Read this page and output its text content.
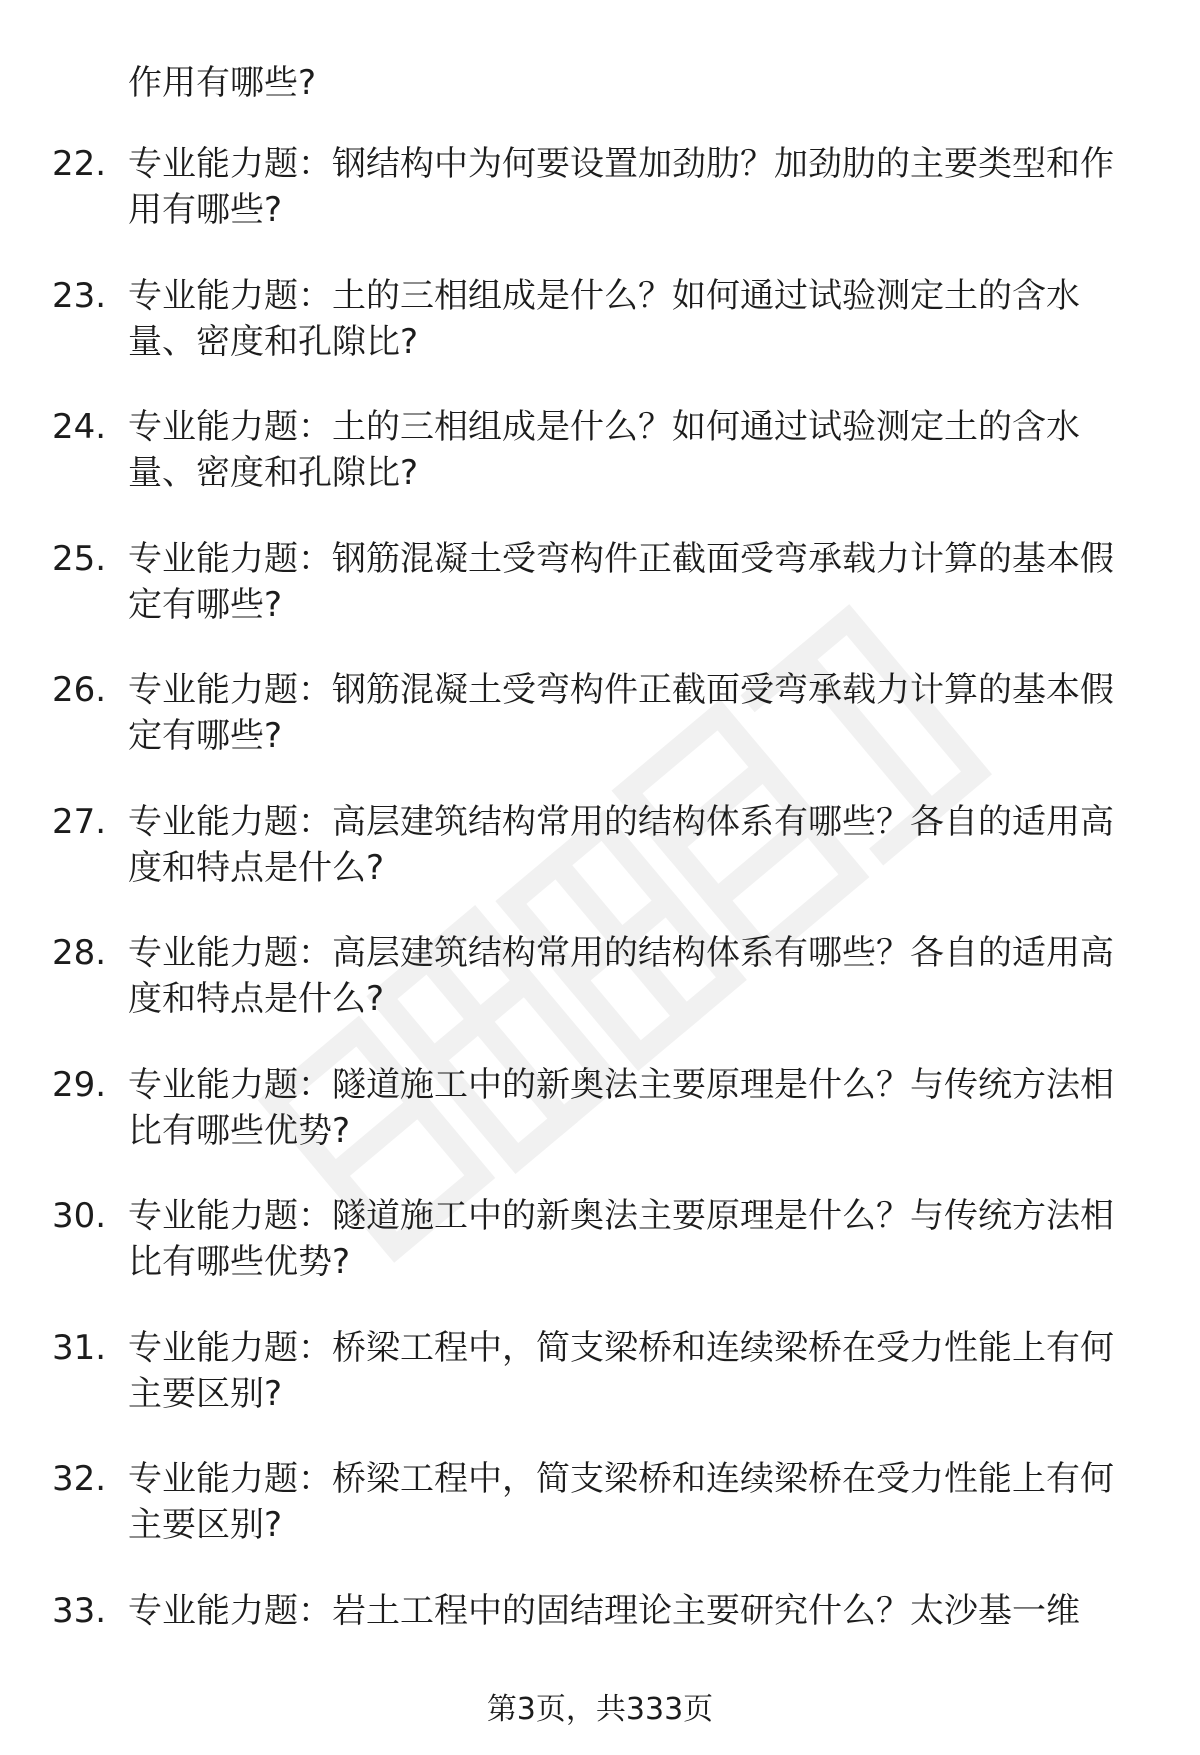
作用有哪些?

22. 专业能力题：钢结构中为何要设置加劲肋？加劲肋的主要类型和作用有哪些?

23. 专业能力题：土的三相组成是什么？如何通过试验测定土的含水量、密度和孔隙比?

24. 专业能力题：土的三相组成是什么？如何通过试验测定土的含水量、密度和孔隙比?

25. 专业能力题：钢筋混凝土受弯构件正截面受弯承载力计算的基本假定有哪些?

26. 专业能力题：钢筋混凝土受弯构件正截面受弯承载力计算的基本假定有哪些?

27. 专业能力题：高层建筑结构常用的结构体系有哪些？各自的适用高度和特点是什么?

28. 专业能力题：高层建筑结构常用的结构体系有哪些？各自的适用高度和特点是什么?

29. 专业能力题：隧道施工中的新奥法主要原理是什么？与传统方法相比有哪些优势?

30. 专业能力题：隧道施工中的新奥法主要原理是什么？与传统方法相比有哪些优势?

31. 专业能力题：桥梁工程中，简支梁桥和连续梁桥在受力性能上有何主要区别?

32. 专业能力题：桥梁工程中，简支梁桥和连续梁桥在受力性能上有何主要区别?

33. 专业能力题：岩土工程中的固结理论主要研究什么？太沙基一维

第3页，共333页
